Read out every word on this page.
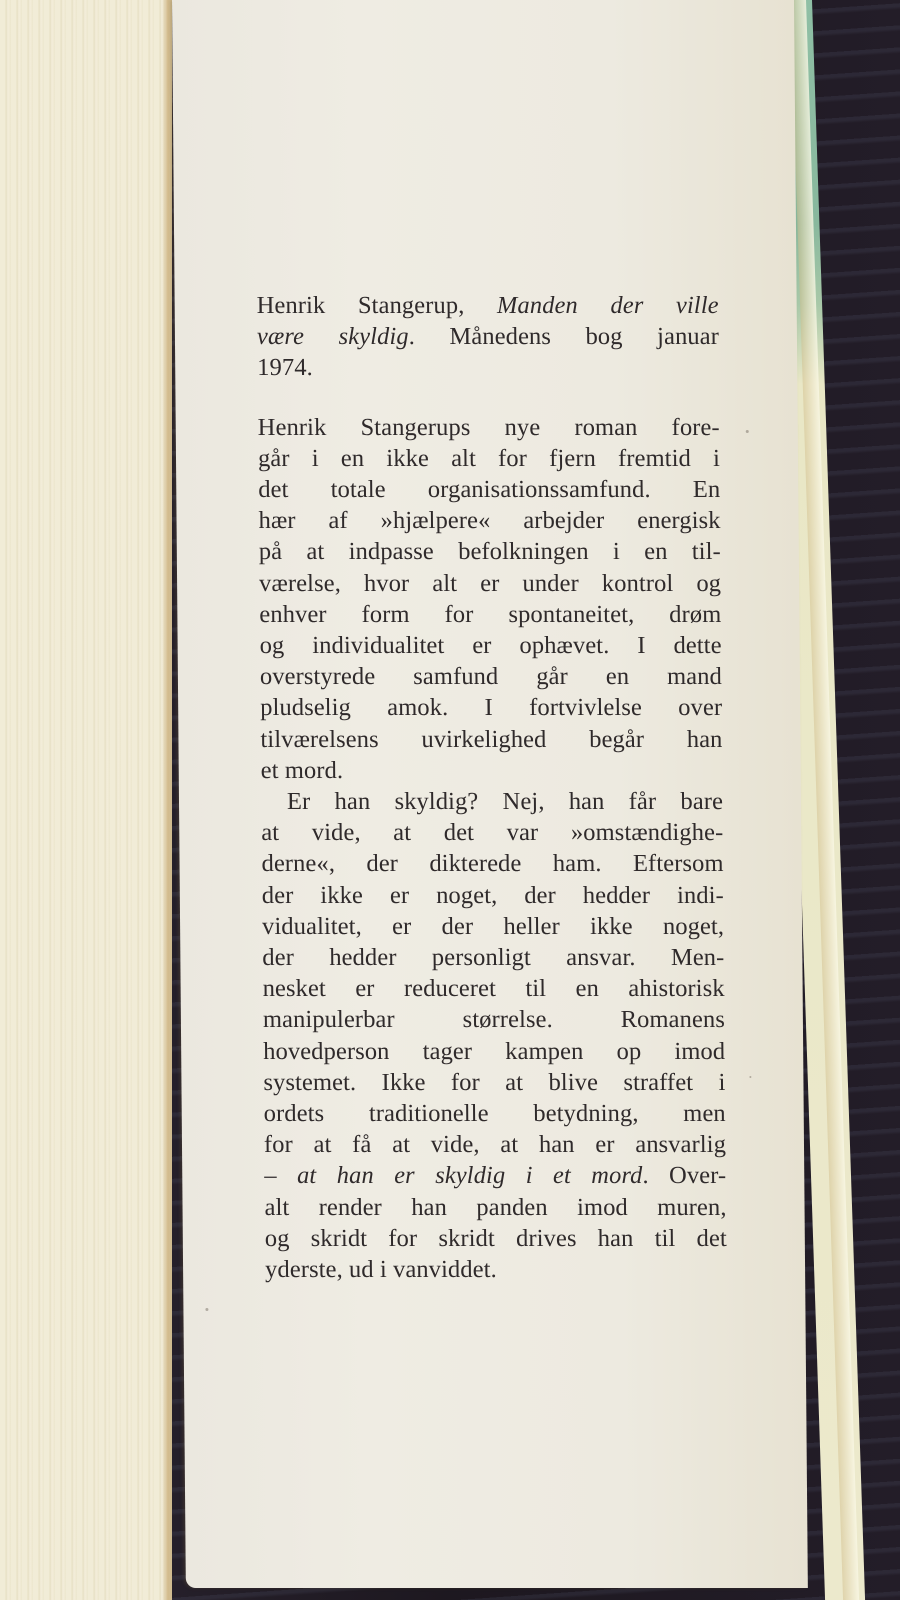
Henrik Stangerup, Manden der ville
være skyldig. Månedens bog januar
1974.
Henrik Stangerups nye roman fore-
går i en ikke alt for fjern fremtid i
det totale organisationssamfund. En
hær af »hjælpere« arbejder energisk
på at indpasse befolkningen i en til-
værelse, hvor alt er under kontrol og
enhver form for spontaneitet, drøm
og individualitet er ophævet. I dette
overstyrede samfund går en mand
pludselig amok. I fortvivlelse over
tilværelsens uvirkelighed begår han
et mord.
Er han skyldig? Nej, han får bare
at vide, at det var »omstændighe-
derne«, der dikterede ham. Eftersom
der ikke er noget, der hedder indi-
vidualitet, er der heller ikke noget,
der hedder personligt ansvar. Men-
nesket er reduceret til en ahistorisk
manipulerbar størrelse. Romanens
hovedperson tager kampen op imod
systemet. Ikke for at blive straffet i
ordets traditionelle betydning, men
for at få at vide, at han er ansvarlig
– at han er skyldig i et mord. Over-
alt render han panden imod muren,
og skridt for skridt drives han til det
yderste, ud i vanviddet.
